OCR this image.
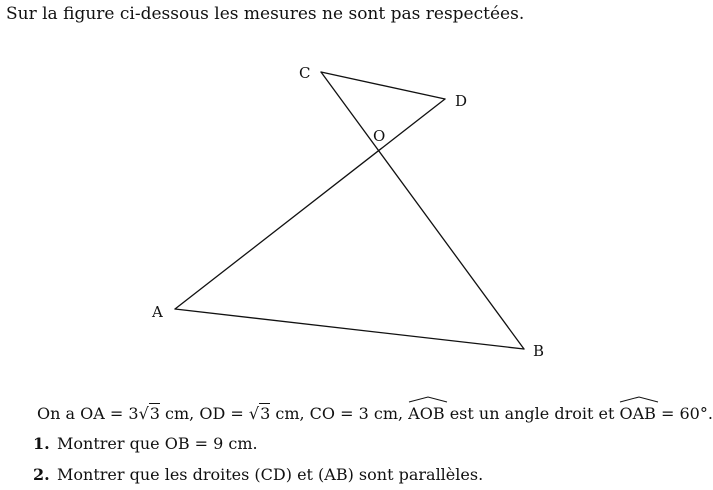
Sur la figure ci-dessous les mesures ne sont pas respectées.
C
D
O
A
B
On a OA = 3√3 cm, OD = √3 cm, CO = 3 cm,
AOB est un angle droit et
OAB = 60°.
1. Montrer que OB = 9 cm.
2. Montrer que les droites (CD) et (AB) sont parallèles.
